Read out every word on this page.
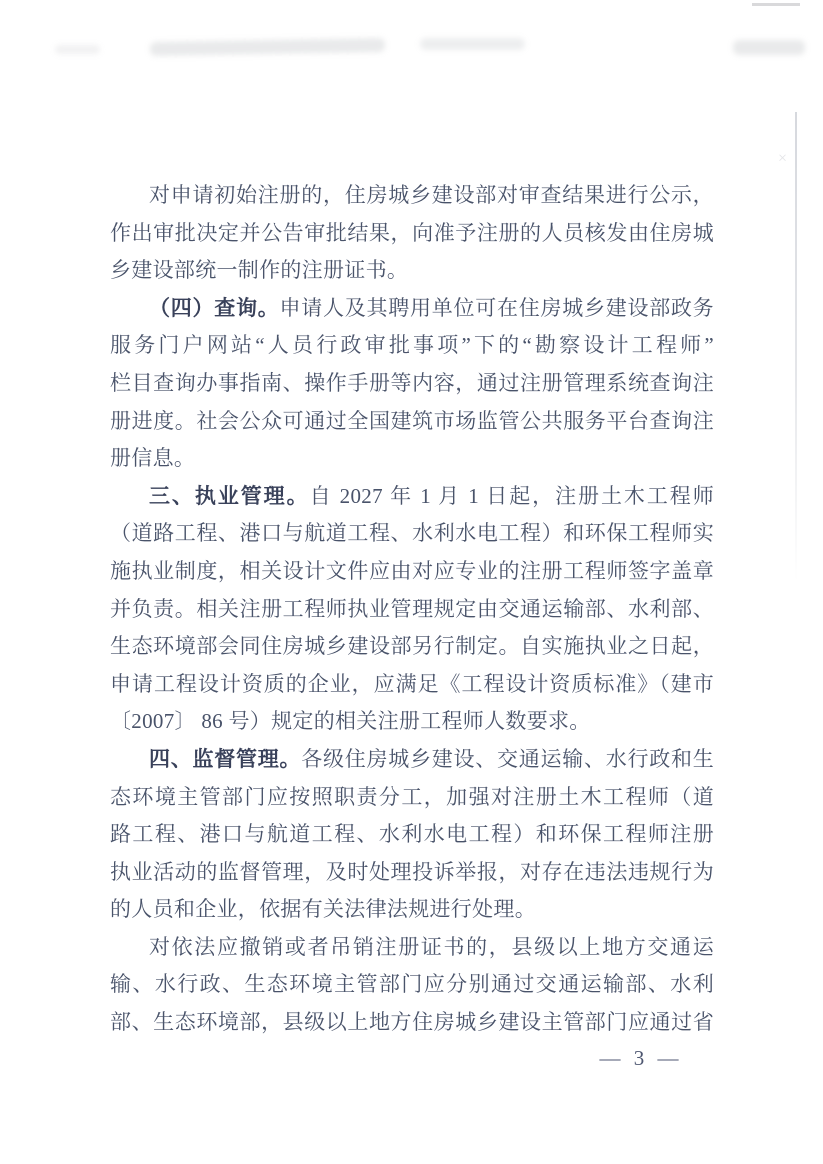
×
对申请初始注册的，住房城乡建设部对审查结果进行公示，
作出审批决定并公告审批结果，向准予注册的人员核发由住房城
乡建设部统一制作的注册证书。
（四）查询。申请人及其聘用单位可在住房城乡建设部政务
服务门户网站“人员行政审批事项”下的“勘察设计工程师”
栏目查询办事指南、操作手册等内容，通过注册管理系统查询注
册进度。社会公众可通过全国建筑市场监管公共服务平台查询注
册信息。
三、执业管理。自 2027 年 1 月 1 日起，注册土木工程师
（道路工程、港口与航道工程、水利水电工程）和环保工程师实
施执业制度，相关设计文件应由对应专业的注册工程师签字盖章
并负责。相关注册工程师执业管理规定由交通运输部、水利部、
生态环境部会同住房城乡建设部另行制定。自实施执业之日起，
申请工程设计资质的企业，应满足《工程设计资质标准》（建市
〔2007〕 86 号）规定的相关注册工程师人数要求。
四、监督管理。各级住房城乡建设、交通运输、水行政和生
态环境主管部门应按照职责分工，加强对注册土木工程师（道
路工程、港口与航道工程、水利水电工程）和环保工程师注册
执业活动的监督管理，及时处理投诉举报，对存在违法违规行为
的人员和企业，依据有关法律法规进行处理。
对依法应撤销或者吊销注册证书的，县级以上地方交通运
输、水行政、生态环境主管部门应分别通过交通运输部、水利
部、生态环境部，县级以上地方住房城乡建设主管部门应通过省
— 3 —
